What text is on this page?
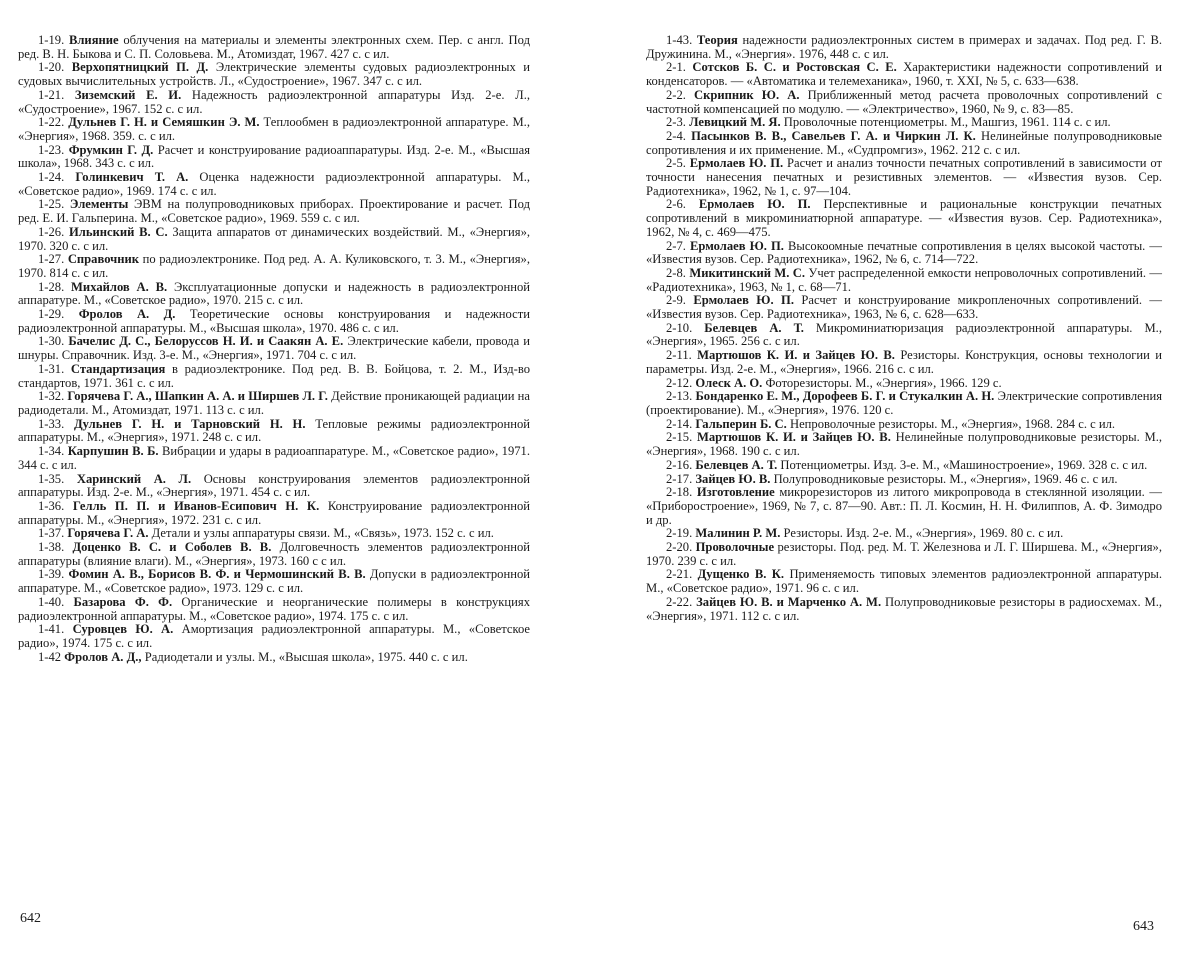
1-19. Влияние облучения на материалы и элементы электронных схем. Пер. с англ. Под ред. В. Н. Быкова и С. П. Соловьева. М., Атомиздат, 1967. 427 с. с ил.

1-20. Верхопятницкий П. Д. Электрические элементы судовых радиоэлектронных и судовых вычислительных устройств. Л., «Судостроение», 1967. 347 с. с ил.

1-21. Зиземский Е. И. Надежность радиоэлектронной аппаратуры Изд. 2-е. Л., «Судостроение», 1967. 152 с. с ил.

1-22. Дульнев Г. Н. и Семяшкин Э. М. Теплообмен в радиоэлектронной аппаратуре. М., «Энергия», 1968. 359. с. с ил.

1-23. Фрумкин Г. Д. Расчет и конструирование радиоаппаратуры. Изд. 2-е. М., «Высшая школа», 1968. 343 с. с ил.

1-24. Голинкевич Т. А. Оценка надежности радиоэлектронной аппаратуры. М., «Советское радио», 1969. 174 с. с ил.

1-25. Элементы ЭВМ на полупроводниковых приборах. Проектирование и расчет. Под ред. Е. И. Гальперина. М., «Советское радио», 1969. 559 с. с ил.

1-26. Ильинский В. С. Защита аппаратов от динамических воздействий. М., «Энергия», 1970. 320 с. с ил.

1-27. Справочник по радиоэлектронике. Под ред. А. А. Куликовского, т. 3. М., «Энергия», 1970. 814 с. с ил.

1-28. Михайлов А. В. Эксплуатационные допуски и надежность в радиоэлектронной аппаратуре. М., «Советское радио», 1970. 215 с. с ил.

1-29. Фролов А. Д. Теоретические основы конструирования и надежности радиоэлектронной аппаратуры. М., «Высшая школа», 1970. 486 с. с ил.

1-30. Бачелис Д. С., Белоруссов Н. И. и Саакян А. Е. Электрические кабели, провода и шнуры. Справочник. Изд. 3-е. М., «Энергия», 1971. 704 с. с ил.

1-31. Стандартизация в радиоэлектронике. Под ред. В. В. Бойцова, т. 2. М., Изд-во стандартов, 1971. 361 с. с ил.

1-32. Горячева Г. А., Шапкин А. А. и Ширшев Л. Г. Действие проникающей радиации на радиодетали. М., Атомиздат, 1971. 113 с. с ил.

1-33. Дульнев Г. Н. и Тарновский Н. Н. Тепловые режимы радиоэлектронной аппаратуры. М., «Энергия», 1971. 248 с. с ил.

1-34. Карпушин В. Б. Вибрации и удары в радиоаппаратуре. М., «Советское радио», 1971. 344 с. с ил.

1-35. Харинский А. Л. Основы конструирования элементов радиоэлектронной аппаратуры. Изд. 2-е. М., «Энергия», 1971. 454 с. с ил.

1-36. Гелль П. П. и Иванов-Есипович Н. К. Конструирование радиоэлектронной аппаратуры. М., «Энергия», 1972. 231 с. с ил.

1-37. Горячева Г. А. Детали и узлы аппаратуры связи. М., «Связь», 1973. 152 с. с ил.

1-38. Доценко В. С. и Соболев В. В. Долговечность элементов радиоэлектронной аппаратуры (влияние влаги). М., «Энергия», 1973. 160 с с ил.

1-39. Фомин А. В., Борисов В. Ф. и Чермошинский В. В. Допуски в радиоэлектронной аппаратуре. М., «Советское радио», 1973. 129 с. с ил.

1-40. Базарова Ф. Ф. Органические и неорганические полимеры в конструкциях радиоэлектронной аппаратуры. М., «Советское радио», 1974. 175 с. с ил.

1-41. Суровцев Ю. А. Амортизация радиоэлектронной аппаратуры. М., «Советское радио», 1974. 175 с. с ил.

1-42 Фролов А. Д., Радиодетали и узлы. М., «Высшая школа», 1975. 440 с. с ил.

642

1-43. Теория надежности радиоэлектронных систем в примерах и задачах. Под ред. Г. В. Дружинина. М., «Энергия». 1976, 448 с. с ил.

2-1. Сотсков Б. С. и Ростовская С. Е. Характеристики надежности сопротивлений и конденсаторов. — «Автоматика и телемеханика», 1960, т. XXI, № 5, с. 633—638.

2-2. Скрипник Ю. А. Приближенный метод расчета проволочных сопротивлений с частотной компенсацией по модулю. — «Электричество», 1960, № 9, с. 83—85.

2-3. Левицкий М. Я. Проволочные потенциометры. М., Машгиз, 1961. 114 с. с ил.

2-4. Пасынков В. В., Савельев Г. А. и Чиркин Л. К. Нелинейные полупроводниковые сопротивления и их применение. М., «Судпромгиз», 1962. 212 с. с ил.

2-5. Ермолаев Ю. П. Расчет и анализ точности печатных сопротивлений в зависимости от точности нанесения печатных и резистивных элементов. — «Известия вузов. Сер. Радиотехника», 1962, № 1, с. 97—104.

2-6. Ермолаев Ю. П. Перспективные и рациональные конструкции печатных сопротивлений в микроминиатюрной аппаратуре. — «Известия вузов. Сер. Радиотехника», 1962, № 4, с. 469—475.

2-7. Ермолаев Ю. П. Высокоомные печатные сопротивления в целях высокой частоты. — «Известия вузов. Сер. Радиотехника», 1962, № 6, с. 714—722.

2-8. Микитинский М. С. Учет распределенной емкости непроволочных сопротивлений. — «Радиотехника», 1963, № 1, с. 68—71.

2-9. Ермолаев Ю. П. Расчет и конструирование микропленочных сопротивлений. — «Известия вузов. Сер. Радиотехника», 1963, № 6, с. 628—633.

2-10. Белевцев А. Т. Микроминиатюризация радиоэлектронной аппаратуры. М., «Энергия», 1965. 256 с. с ил.

2-11. Мартюшов К. И. и Зайцев Ю. В. Резисторы. Конструкция, основы технологии и параметры. Изд. 2-е. М., «Энергия», 1966. 216 с. с ил.

2-12. Олеск А. О. Фоторезисторы. М., «Энергия», 1966. 129 с.

2-13. Бондаренко Е. М., Дорофеев Б. Г. и Стукалкин А. Н. Электрические сопротивления (проектирование). М., «Энергия», 1976. 120 с.

2-14. Гальперин Б. С. Непроволочные резисторы. М., «Энергия», 1968. 284 с. с ил.

2-15. Мартюшов К. И. и Зайцев Ю. В. Нелинейные полупроводниковые резисторы. М., «Энергия», 1968. 190 с. с ил.

2-16. Белевцев А. Т. Потенциометры. Изд. 3-е. М., «Машиностроение», 1969. 328 с. с ил.

2-17. Зайцев Ю. В. Полупроводниковые резисторы. М., «Энергия», 1969. 46 с. с ил.

2-18. Изготовление микрорезисторов из литого микропровода в стеклянной изоляции. — «Приборостроение», 1969, № 7, с. 87—90. Авт.: П. Л. Космин, Н. Н. Филиппов, А. Ф. Зимодро и др.

2-19. Малинин Р. М. Резисторы. Изд. 2-е. М., «Энергия», 1969. 80 с. с ил.

2-20. Проволочные резисторы. Под. ред. М. Т. Железнова и Л. Г. Ширшева. М., «Энергия», 1970. 239 с. с ил.

2-21. Дущенко В. К. Применяемость типовых элементов радиоэлектронной аппаратуры. М., «Советское радио», 1971. 96 с. с ил.

2-22. Зайцев Ю. В. и Марченко А. М. Полупроводниковые резисторы в радиосхемах. М., «Энергия», 1971. 112 с. с ил.

643
